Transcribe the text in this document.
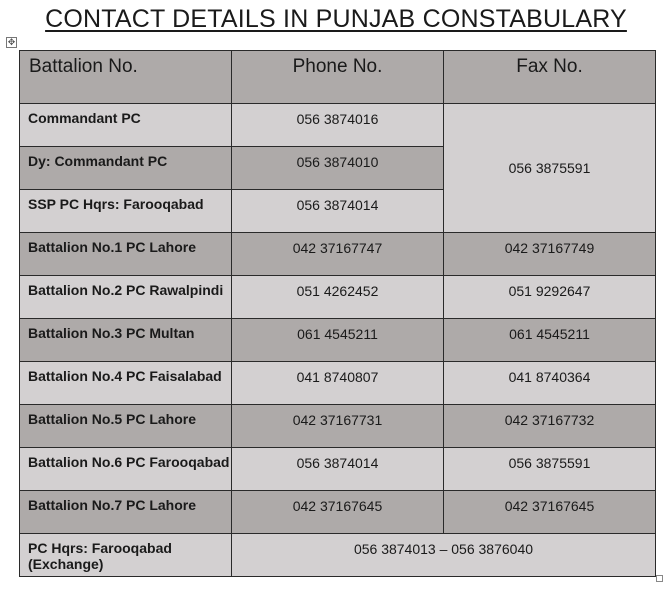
CONTACT DETAILS IN PUNJAB CONSTABULARY
✥
Battalion No.	Phone No.	Fax No.
Commandant PC	056 3874016	056 3875591
Dy: Commandant PC	056 3874010	
SSP PC Hqrs: Farooqabad	056 3874014	
Battalion No.1 PC Lahore	042 37167747	042 37167749
Battalion No.2 PC Rawalpindi	051 4262452	051 9292647
Battalion No.3 PC Multan	061 4545211	061 4545211
Battalion No.4 PC Faisalabad	041 8740807	041 8740364
Battalion No.5 PC Lahore	042 37167731	042 37167732
Battalion No.6 PC Farooqabad	056 3874014	056 3875591
Battalion No.7 PC Lahore	042 37167645	042 37167645
PC Hqrs: Farooqabad (Exchange)	056 3874013 – 056 3876040	
